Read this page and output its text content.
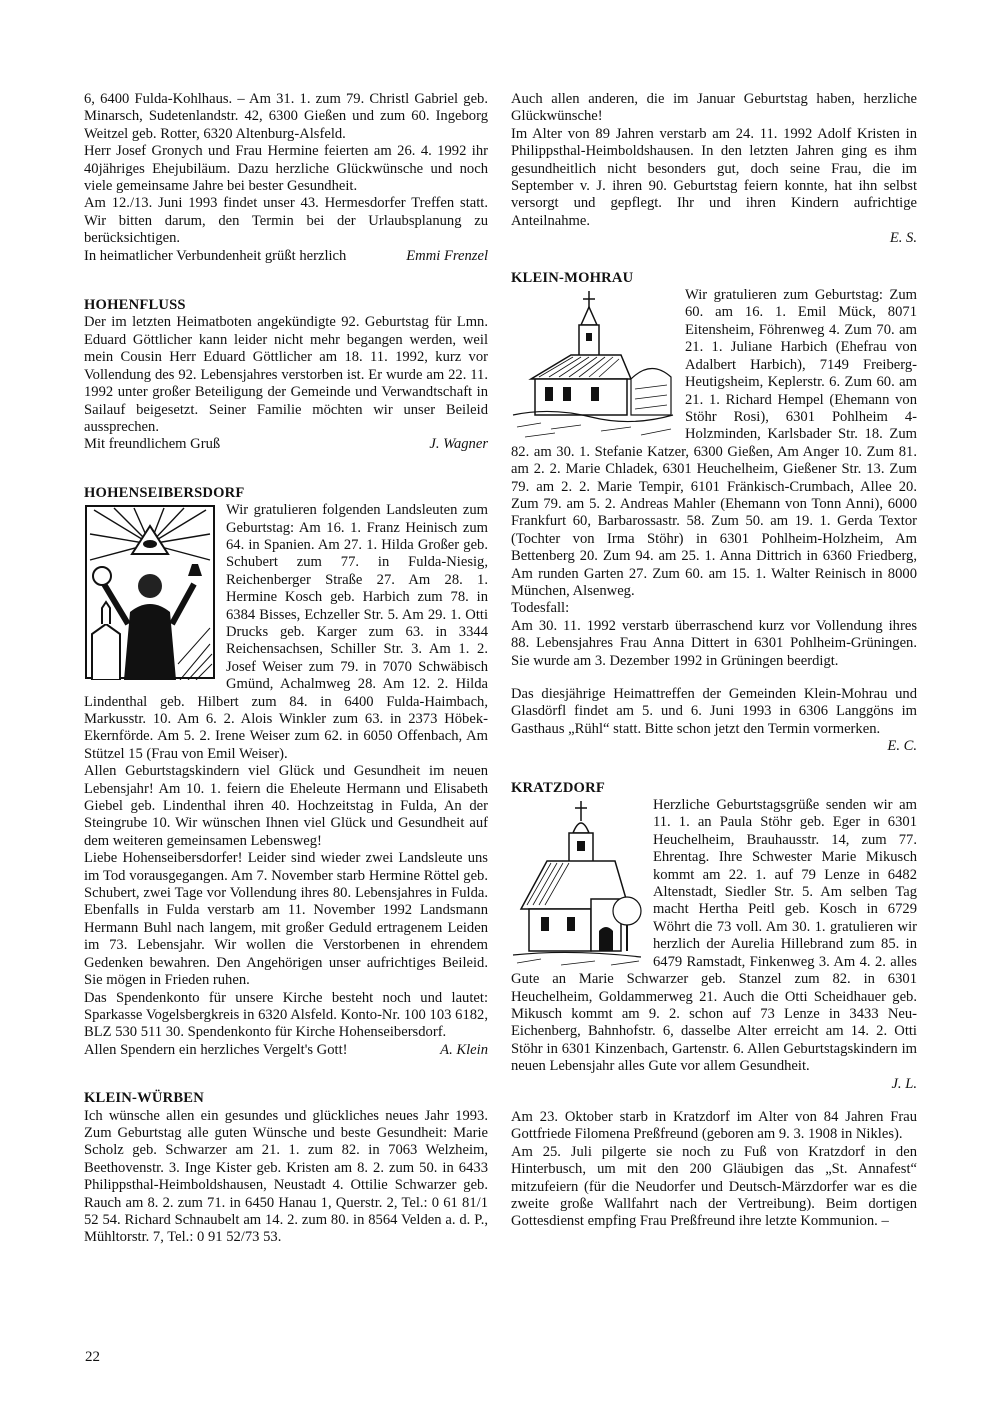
6, 6400 Fulda-Kohlhaus. – Am 31. 1. zum 79. Christl Gabriel geb. Minarsch, Sudetenlandstr. 42, 6300 Gießen und zum 60. Ingeborg Weitzel geb. Rotter, 6320 Altenburg-Alsfeld.

Herr Josef Gronych und Frau Hermine feierten am 26. 4. 1992 ihr 40jähriges Ehejubiläum. Dazu herzliche Glückwünsche und noch viele gemeinsame Jahre bei bester Gesundheit.

Am 12./13. Juni 1993 findet unser 43. Hermesdorfer Treffen statt. Wir bitten darum, den Termin bei der Urlaubsplanung zu berücksichtigen.

In heimatlicher Verbundenheit grüßt herzlich	Emmi Frenzel

HOHENFLUSS

Der im letzten Heimatboten angekündigte 92. Geburtstag für Lmn. Eduard Göttlicher kann leider nicht mehr begangen werden, weil mein Cousin Herr Eduard Göttlicher am 18. 11. 1992, kurz vor Vollendung des 92. Lebensjahres verstorben ist. Er wurde am 22. 11. 1992 unter großer Beteiligung der Gemeinde und Verwandtschaft in Sailauf beigesetzt. Seiner Familie möchten wir unser Beileid aussprechen.

Mit freundlichem Gruß	J. Wagner

HOHENSEIBERSDORF

Wir gratulieren folgenden Landsleuten zum Geburtstag: Am 16. 1. Franz Heinisch zum 64. in Spanien. Am 27. 1. Hilda Großer geb. Schubert zum 77. in Fulda-Niesig, Reichenberger Straße 27. Am 28. 1. Hermine Kosch geb. Harbich zum 78. in 6384 Bisses, Echzeller Str. 5. Am 29. 1. Otti Drucks geb. Karger zum 63. in 3344 Reichensachsen, Schiller Str. 3. Am 1. 2. Josef Weiser zum 79. in 7070 Schwäbisch Gmünd, Achalmweg 28. Am 12. 2. Hilda Lindenthal geb. Hilbert zum 84. in 6400 Fulda-Haimbach, Markusstr. 10. Am 6. 2. Alois Winkler zum 63. in 2373 Höbek-Ekernförde. Am 5. 2. Irene Weiser zum 62. in 6050 Offenbach, Am Stützel 15 (Frau von Emil Weiser).

Allen Geburtstagskindern viel Glück und Gesundheit im neuen Lebensjahr! Am 10. 1. feiern die Eheleute Hermann und Elisabeth Giebel geb. Lindenthal ihren 40. Hochzeitstag in Fulda, An der Steingrube 10. Wir wünschen Ihnen viel Glück und Gesundheit auf dem weiteren gemeinsamen Lebensweg!

Liebe Hohenseibersdorfer! Leider sind wieder zwei Landsleute uns im Tod vorausgegangen. Am 7. November starb Hermine Röttel geb. Schubert, zwei Tage vor Vollendung ihres 80. Lebensjahres in Fulda. Ebenfalls in Fulda verstarb am 11. November 1992 Landsmann Hermann Buhl nach langem, mit großer Geduld ertragenem Leiden im 73. Lebensjahr. Wir wollen die Verstorbenen in ehrendem Gedenken bewahren. Den Angehörigen unser aufrichtiges Beileid. Sie mögen in Frieden ruhen.

Das Spendenkonto für unsere Kirche besteht noch und lautet: Sparkasse Vogelsbergkreis in 6320 Alsfeld. Konto-Nr. 100 103 6182, BLZ 530 511 30. Spendenkonto für Kirche Hohenseibersdorf.

Allen Spendern ein herzliches Vergelt's Gott!	A. Klein

KLEIN-WÜRBEN

Ich wünsche allen ein gesundes und glückliches neues Jahr 1993. Zum Geburtstag alle guten Wünsche und beste Gesundheit: Marie Scholz geb. Schwarzer am 21. 1. zum 82. in 7063 Welzheim, Beethovenstr. 3. Inge Kister geb. Kristen am 8. 2. zum 50. in 6433 Philippsthal-Heimboldshausen, Neustadt 4. Ottilie Schwarzer geb. Rauch am 8. 2. zum 71. in 6450 Hanau 1, Querstr. 2, Tel.: 0 61 81/1 52 54. Richard Schnaubelt am 14. 2. zum 80. in 8564 Velden a. d. P., Mühltorstr. 7, Tel.: 0 91 52/73 53.

Auch allen anderen, die im Januar Geburtstag haben, herzliche Glückwünsche!

Im Alter von 89 Jahren verstarb am 24. 11. 1992 Adolf Kristen in Philippsthal-Heimboldshausen. In den letzten Jahren ging es ihm gesundheitlich nicht besonders gut, doch seine Frau, die im September v. J. ihren 90. Geburtstag feiern konnte, hat ihn selbst versorgt und gepflegt. Ihr und ihren Kindern aufrichtige Anteilnahme.

E. S.

KLEIN-MOHRAU

Wir gratulieren zum Geburtstag: Zum 60. am 16. 1. Emil Mück, 8071 Eitensheim, Föhrenweg 4. Zum 70. am 21. 1. Juliane Harbich (Ehefrau von Adalbert Harbich), 7149 Freiberg-Heutigsheim, Keplerstr. 6. Zum 60. am 21. 1. Richard Hempel (Ehemann von Stöhr Rosi), 6301 Pohlheim 4-Holzminden, Karlsbader Str. 18. Zum 82. am 30. 1. Stefanie Katzer, 6300 Gießen, Am Anger 10. Zum 81. am 2. 2. Marie Chladek, 6301 Heuchelheim, Gießener Str. 13. Zum 79. am 2. 2. Marie Tempir, 6101 Fränkisch-Crumbach, Allee 20. Zum 79. am 5. 2. Andreas Mahler (Ehemann von Tonn Anni), 6000 Frankfurt 60, Barbarossastr. 58. Zum 50. am 19. 1. Gerda Textor (Tochter von Irma Stöhr) in 6301 Pohlheim-Holzheim, Am Bettenberg 20. Zum 94. am 25. 1. Anna Dittrich in 6360 Friedberg, Am runden Garten 27. Zum 60. am 15. 1. Walter Reinisch in 8000 München, Alsenweg.

Todesfall:

Am 30. 11. 1992 verstarb überraschend kurz vor Vollendung ihres 88. Lebensjahres Frau Anna Dittert in 6301 Pohlheim-Grüningen. Sie wurde am 3. Dezember 1992 in Grüningen beerdigt.

Das diesjährige Heimattreffen der Gemeinden Klein-Mohrau und Glasdörfl findet am 5. und 6. Juni 1993 in 6306 Langgöns im Gasthaus „Rühl“ statt. Bitte schon jetzt den Termin vormerken.

E. C.

KRATZDORF

Herzliche Geburtstagsgrüße senden wir am 11. 1. an Paula Stöhr geb. Eger in 6301 Heuchelheim, Brauhausstr. 14, zum 77. Ehrentag. Ihre Schwester Marie Mikusch kommt am 22. 1. auf 79 Lenze in 6482 Altenstadt, Siedler Str. 5. Am selben Tag macht Hertha Peitl geb. Kosch in 6729 Wöhrt die 73 voll. Am 30. 1. gratulieren wir herzlich der Aurelia Hillebrand zum 85. in 6479 Ramstadt, Finkenweg 3. Am 4. 2. alles Gute an Marie Schwarzer geb. Stanzel zum 82. in 6301 Heuchelheim, Goldammerweg 21. Auch die Otti Scheidhauer geb. Mikusch kommt am 9. 2. schon auf 73 Lenze in 3433 Neu-Eichenberg, Bahnhofstr. 6, dasselbe Alter erreicht am 14. 2. Otti Stöhr in 6301 Kinzenbach, Gartenstr. 6. Allen Geburtstagskindern im neuen Lebensjahr alles Gute vor allem Gesundheit.

J. L.

Am 23. Oktober starb in Kratzdorf im Alter von 84 Jahren Frau Gottfriede Filomena Preßfreund (geboren am 9. 3. 1908 in Nikles).

Am 25. Juli pilgerte sie noch zu Fuß von Kratzdorf in den Hinterbusch, um mit den 200 Gläubigen das „St. Annafest“ mitzufeiern (für die Neudorfer und Deutsch-Märzdorfer war es die zweite große Wallfahrt nach der Vertreibung). Beim dortigen Gottesdienst empfing Frau Preßfreund ihre letzte Kommunion. –

22
